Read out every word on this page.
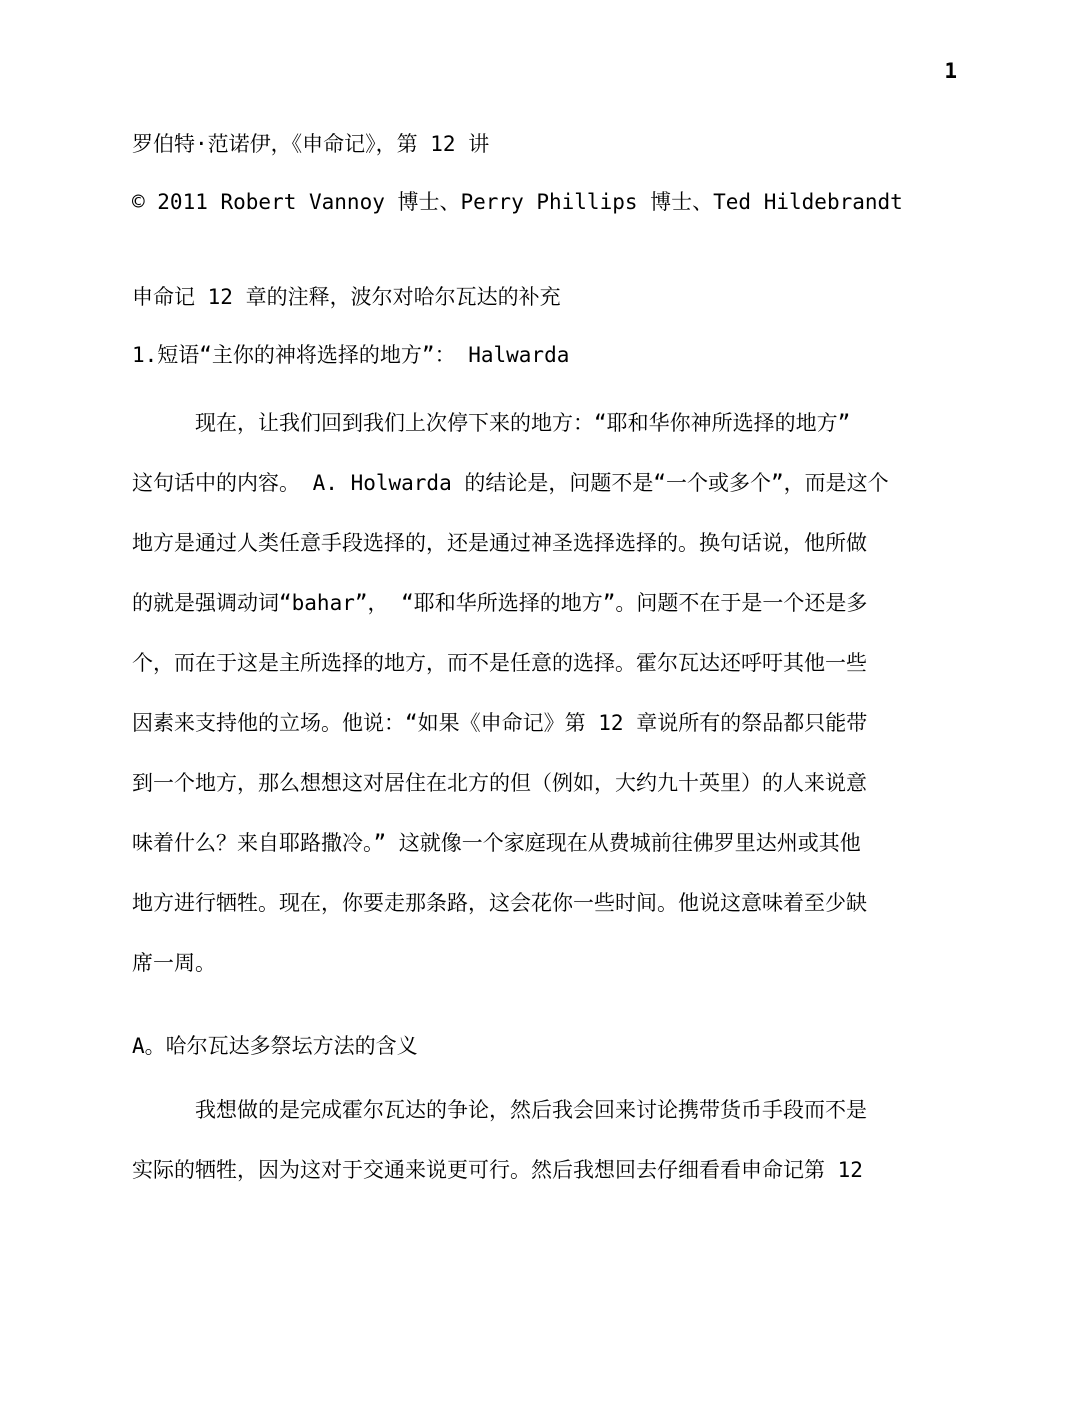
1
罗伯特·范诺伊，《申命记》，第 12 讲
© 2011 Robert Vannoy 博士、Perry Phillips 博士、Ted Hildebrandt
申命记 12 章的注释，波尔对哈尔瓦达的补充
1.短语“主你的神将选择的地方”： Halwarda
现在，让我们回到我们上次停下来的地方：“耶和华你神所选择的地方”
这句话中的内容。 A. Holwarda 的结论是，问题不是“一个或多个”，而是这个
地方是通过人类任意手段选择的，还是通过神圣选择选择的。换句话说，他所做
的就是强调动词“bahar”， “耶和华所选择的地方”。问题不在于是一个还是多
个，而在于这是主所选择的地方，而不是任意的选择。霍尔瓦达还呼吁其他一些
因素来支持他的立场。他说：“如果《申命记》第 12 章说所有的祭品都只能带
到一个地方，那么想想这对居住在北方的但（例如，大约九十英里）的人来说意
味着什么？来自耶路撒冷。” 这就像一个家庭现在从费城前往佛罗里达州或其他
地方进行牺牲。现在，你要走那条路，这会花你一些时间。他说这意味着至少缺
席一周。
A。哈尔瓦达多祭坛方法的含义
我想做的是完成霍尔瓦达的争论，然后我会回来讨论携带货币手段而不是
实际的牺牲，因为这对于交通来说更可行。然后我想回去仔细看看申命记第 12
